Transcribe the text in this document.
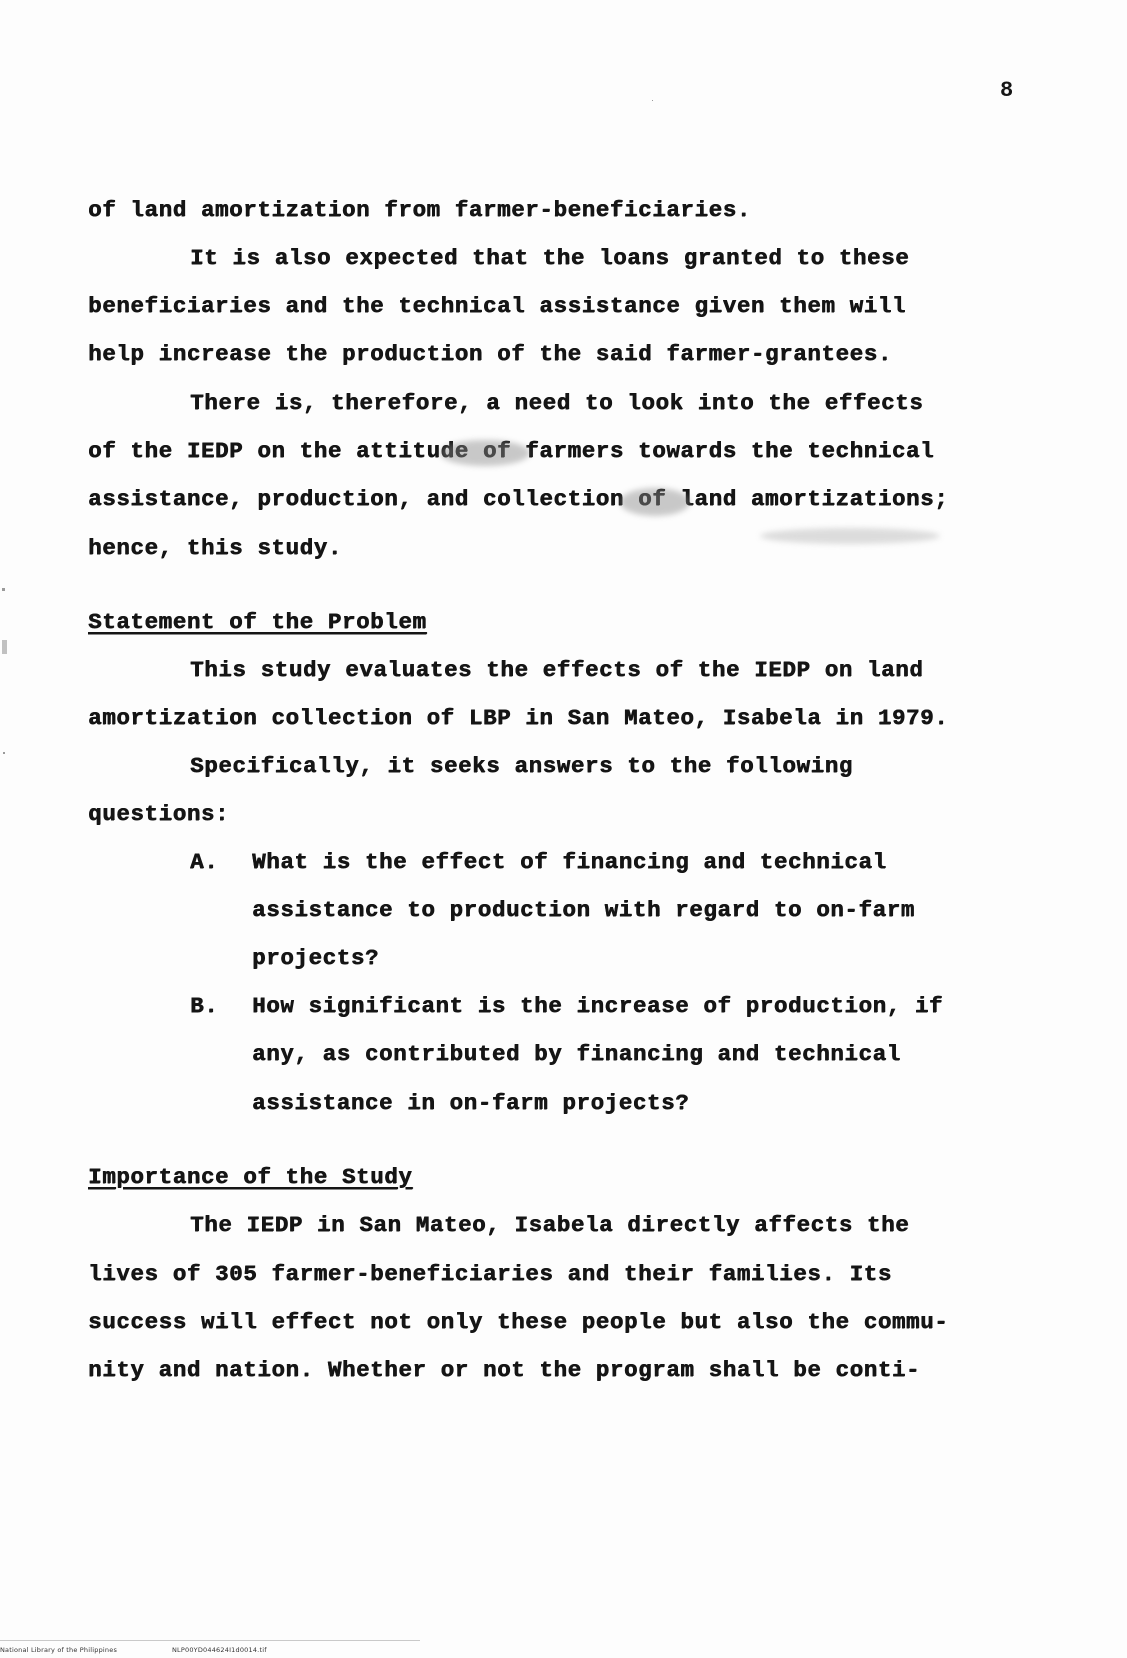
8
of land amortization from farmer-beneficiaries.
It is also expected that the loans granted to these
beneficiaries and the technical assistance given them will
help increase the production of the said farmer-grantees.
There is, therefore, a need to look into the effects
of the IEDP on the attitude of farmers towards the technical
assistance, production, and collection of land amortizations;
hence, this study.
Statement of the Problem
This study evaluates the effects of the IEDP on land
amortization collection of LBP in San Mateo, Isabela in 1979.
Specifically, it seeks answers to the following
questions:
A. What is the effect of financing and technical
assistance to production with regard to on-farm
projects?
B. How significant is the increase of production, if
any, as contributed by financing and technical
assistance in on-farm projects?
Importance of the Study
The IEDP in San Mateo, Isabela directly affects the
lives of 305 farmer-beneficiaries and their families. Its
success will effect not only these people but also the commu-
nity and nation. Whether or not the program shall be conti-
National Library of the Philippines	NLP00YD044624I1d0014.tif
